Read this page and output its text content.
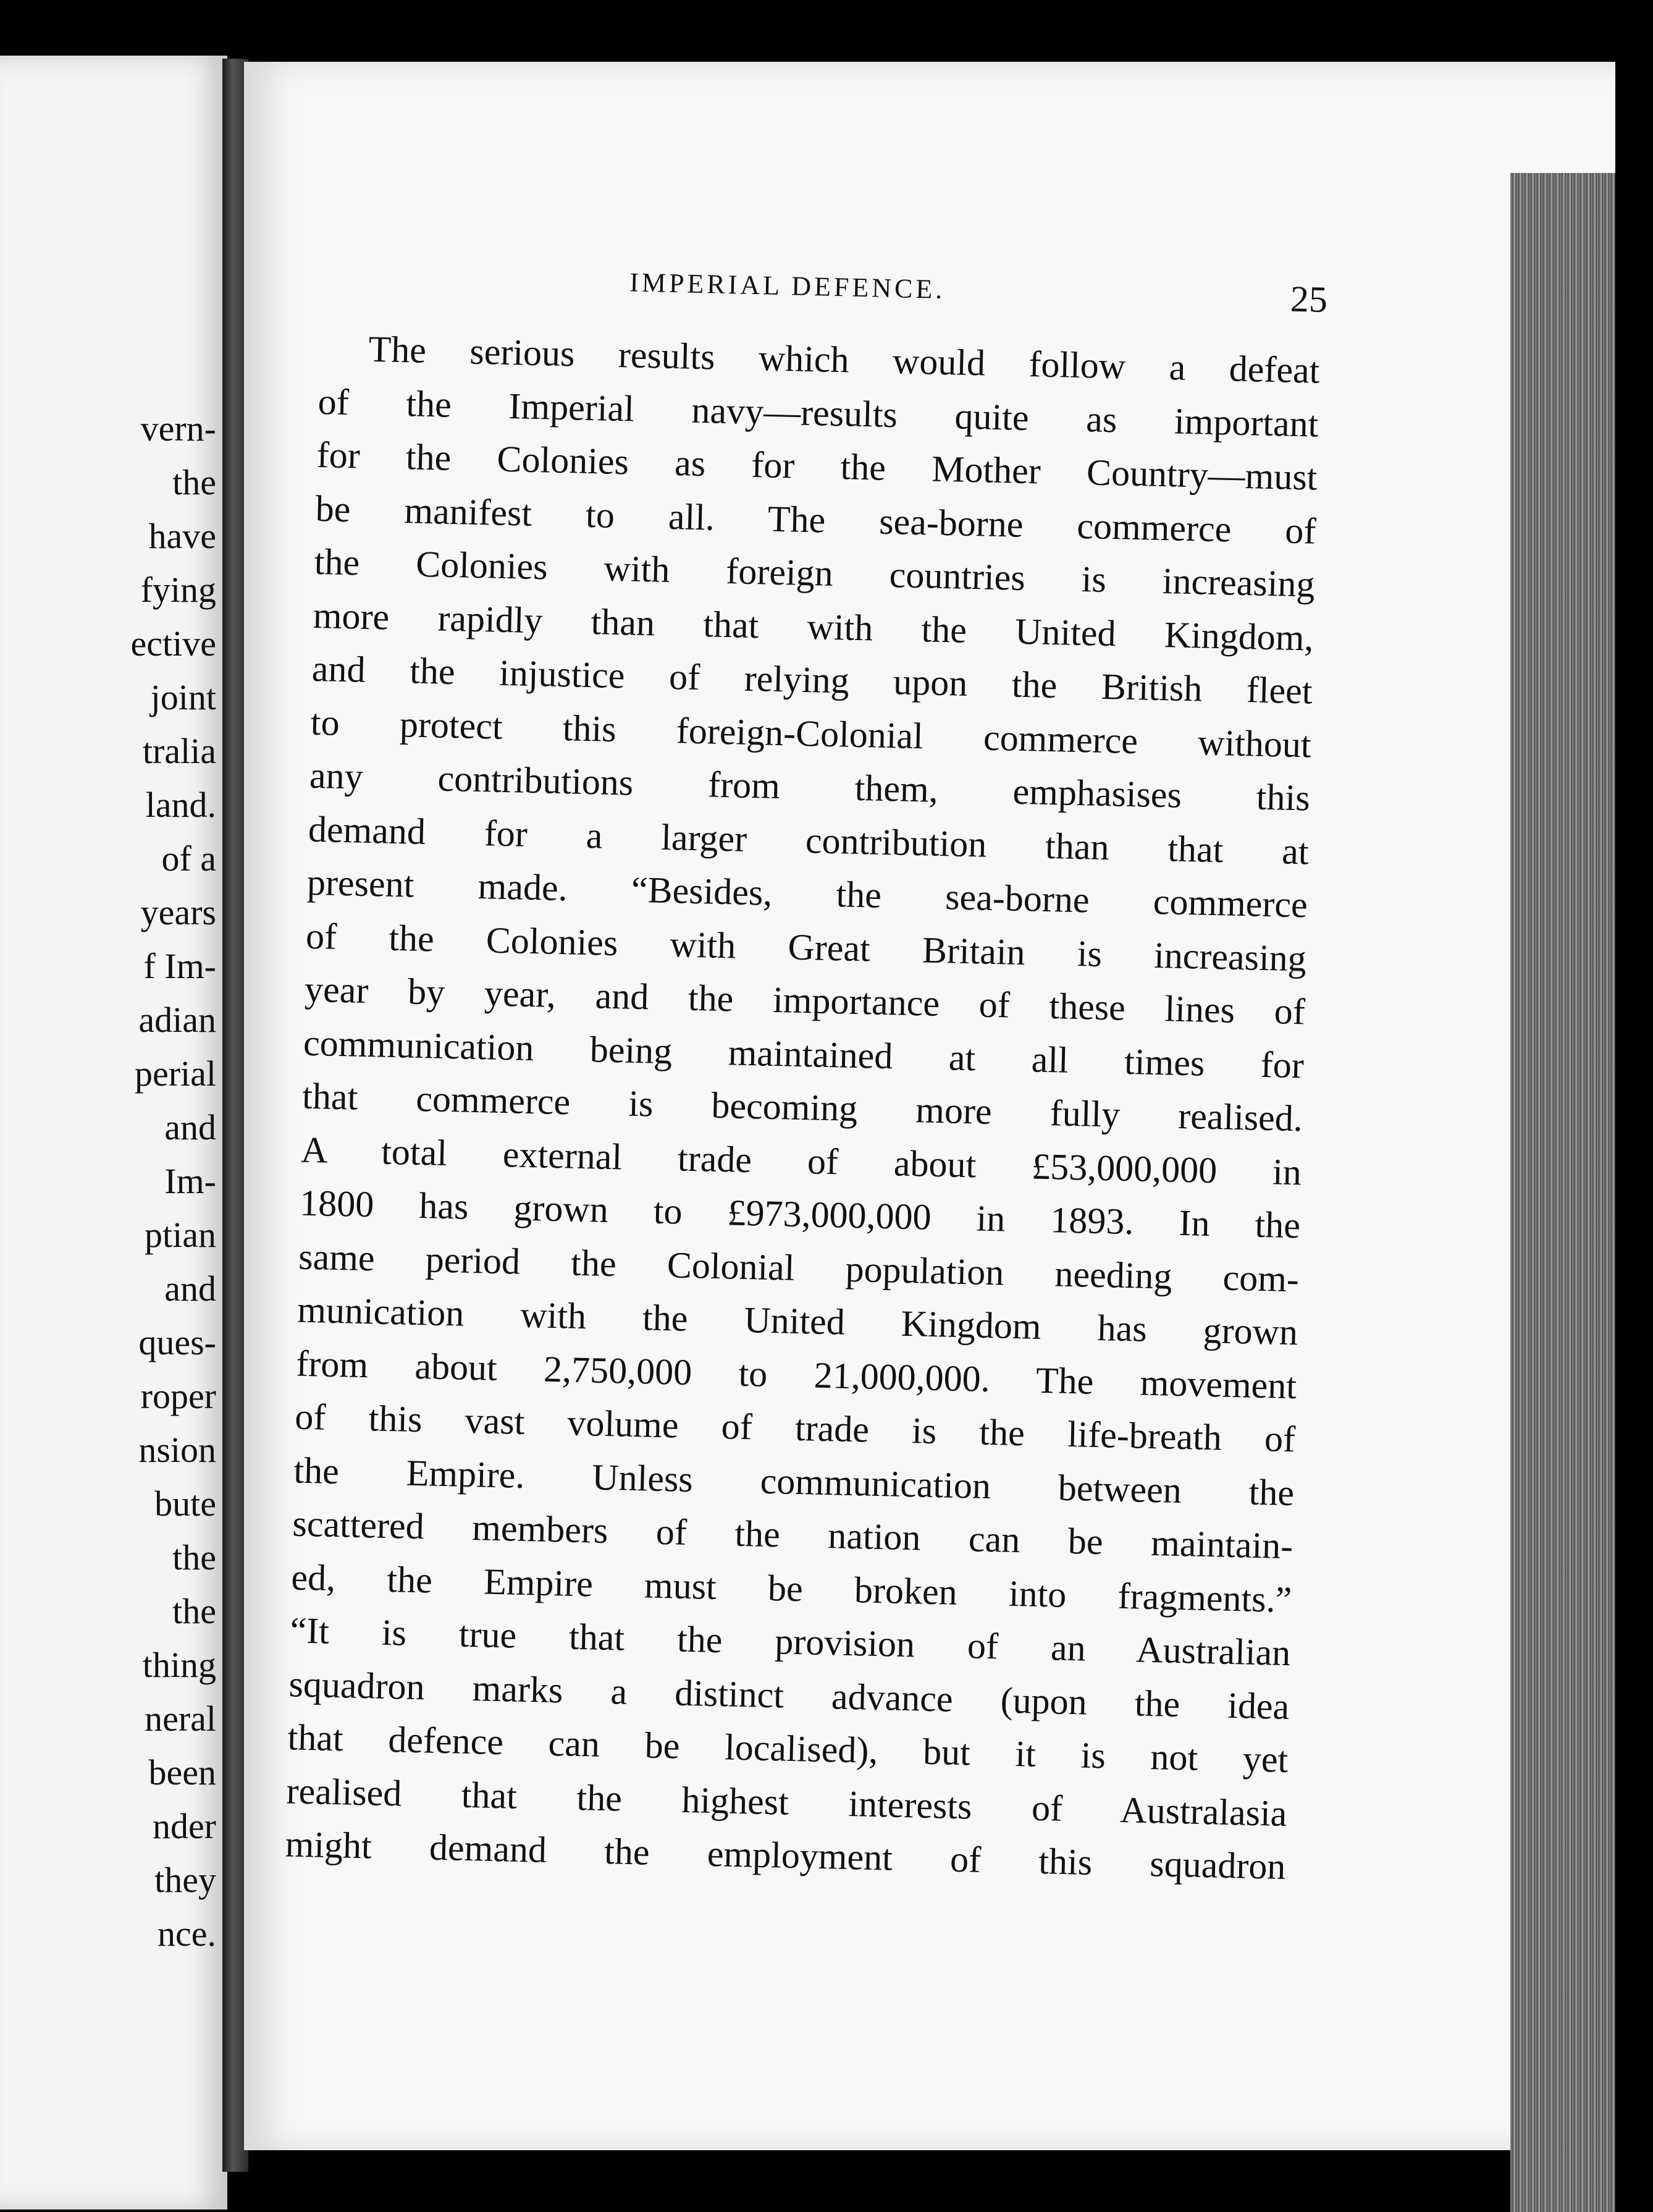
vern-
the
have
fying
ective
joint
tralia
land.
of a
years
f Im-
adian
perial
and
Im-
ptian
and
ques-
roper
nsion
bute
the
the
thing
neral
been
nder
they
nce.
IMPERIAL DEFENCE.	25
The serious results which would follow a defeat
of the Imperial navy—results quite as important
for the Colonies as for the Mother Country—must
be manifest to all. The sea-borne commerce of
the Colonies with foreign countries is increasing
more rapidly than that with the United Kingdom,
and the injustice of relying upon the British fleet
to protect this foreign-Colonial commerce without
any contributions from them, emphasises this
demand for a larger contribution than that at
present made. “Besides, the sea-borne commerce
of the Colonies with Great Britain is increasing
year by year, and the importance of these lines of
communication being maintained at all times for
that commerce is becoming more fully realised.
A total external trade of about £53,000,000 in
1800 has grown to £973,000,000 in 1893. In the
same period the Colonial population needing com-
munication with the United Kingdom has grown
from about 2,750,000 to 21,000,000. The movement
of this vast volume of trade is the life-breath of
the Empire. Unless communication between the
scattered members of the nation can be maintain-
ed, the Empire must be broken into fragments.”
“It is true that the provision of an Australian
squadron marks a distinct advance (upon the idea
that defence can be localised), but it is not yet
realised that the highest interests of Australasia
might demand the employment of this squadron
